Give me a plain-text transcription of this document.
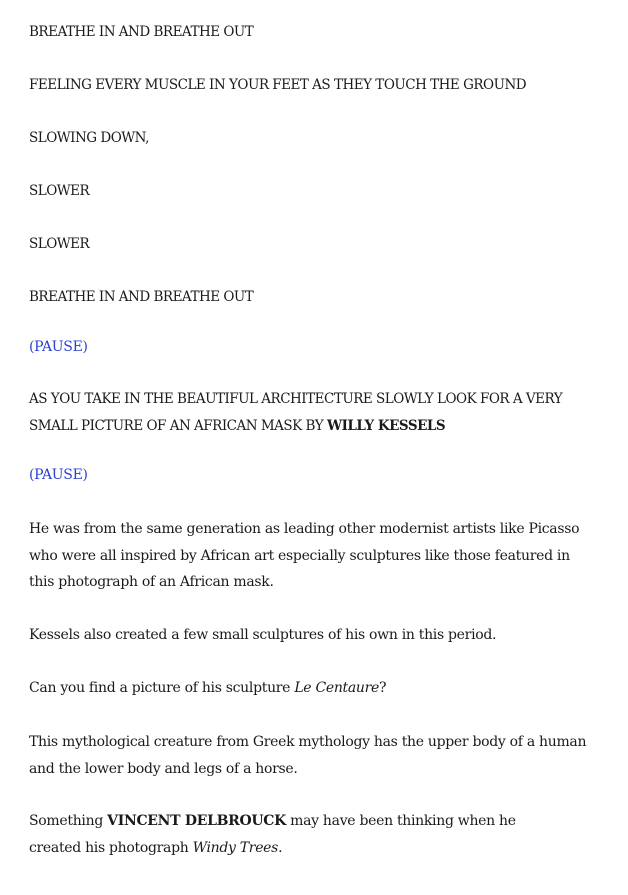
BREATHE IN AND BREATHE OUT
FEELING EVERY MUSCLE IN YOUR FEET AS THEY TOUCH THE GROUND
SLOWING DOWN,
SLOWER
SLOWER
BREATHE IN AND BREATHE OUT
(PAUSE)
AS YOU TAKE IN THE BEAUTIFUL ARCHITECTURE SLOWLY LOOK FOR A VERY SMALL PICTURE OF AN AFRICAN MASK BY WILLY KESSELS
(PAUSE)
He was from the same generation as leading other modernist artists like Picasso who were all inspired by African art especially sculptures like those featured in this photograph of an African mask.
Kessels also created a few small sculptures of his own in this period.
Can you find a picture of his sculpture Le Centaure?
This mythological creature from Greek mythology has the upper body of a human and the lower body and legs of a horse.
Something VINCENT DELBROUCK may have been thinking when he created his photograph Windy Trees.
